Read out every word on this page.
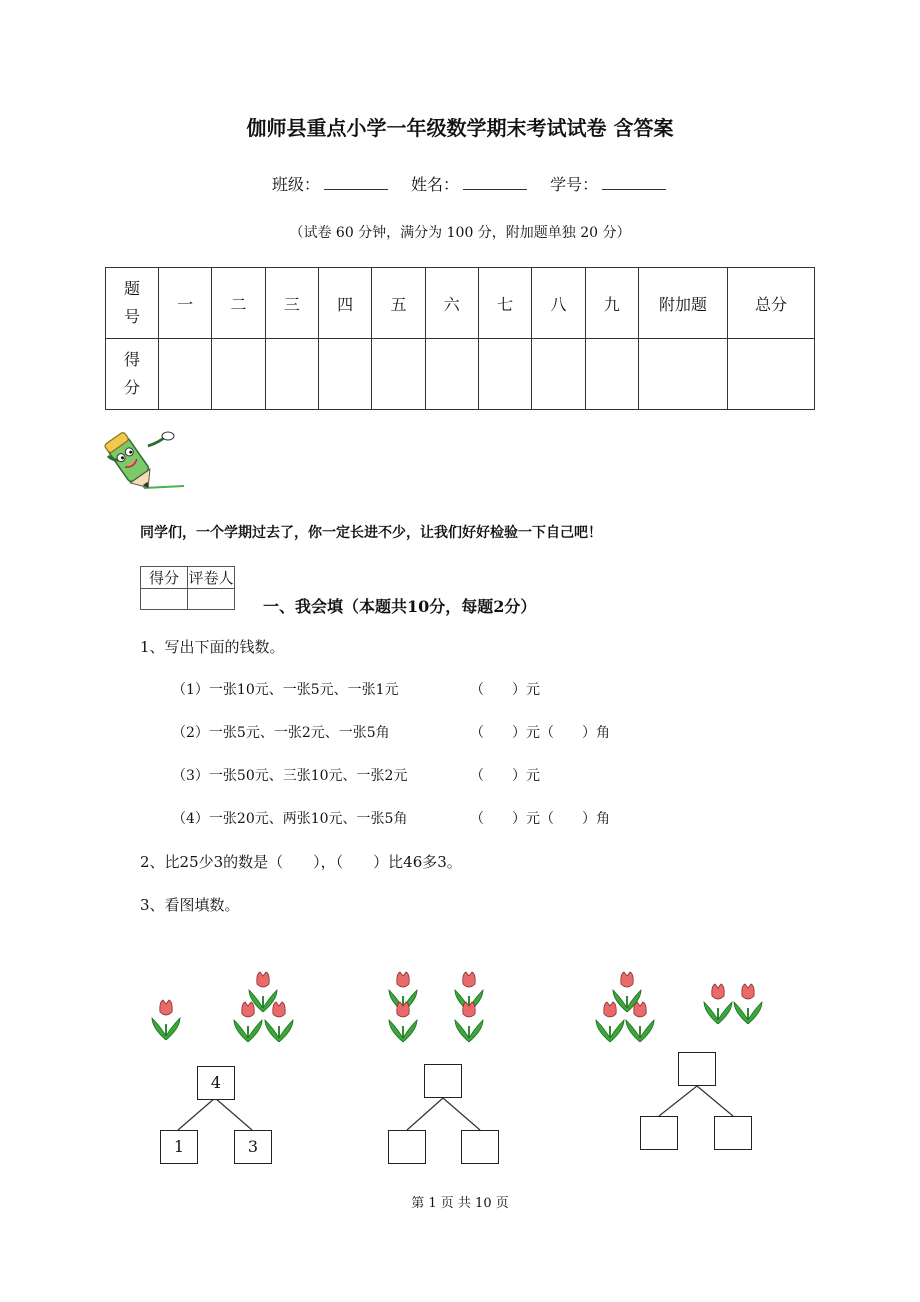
伽师县重点小学一年级数学期末考试试卷 含答案
班级：	姓名：	学号：
（试卷 60 分钟，满分为 100 分，附加题单独 20 分）
题
号	一	二	三	四	五	六	七	八	九	附加题	总分

得
分											

同学们，一个学期过去了，你一定长进不少，让我们好好检验一下自己吧！
得分	评卷人

一、我会填（本题共10分，每题2分）
1、写出下面的钱数。
（1）一张10元、一张5元、一张1元	（　　）元
（2）一张5元、一张2元、一张5角	（　　）元（　　）角
（3）一张50元、三张10元、一张2元	（　　）元
（4）一张20元、两张10元、一张5角	（　　）元（　　）角
2、比25少3的数是（　　），（　　）比46多3。
3、看图填数。
4
1	3
第 1 页 共 10 页
